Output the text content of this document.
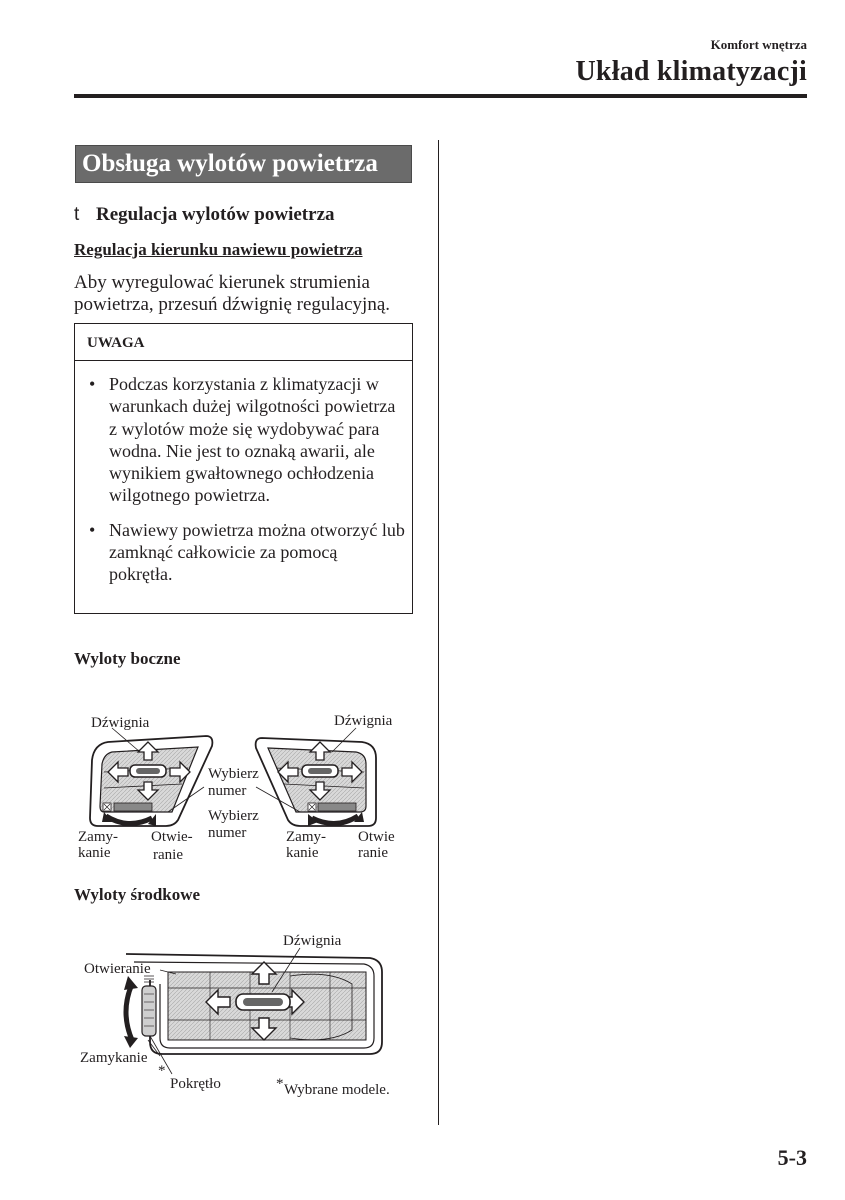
Komfort wnętrza
Układ klimatyzacji
Obsługa wylotów powietrza
t Regulacja wylotów powietrza
Regulacja kierunku nawiewu powietrza
Aby wyregulować kierunek strumienia powietrza, przesuń dźwignię regulacyjną.
UWAGA
• Podczas korzystania z klimatyzacji w warunkach dużej wilgotności powietrza z wylotów może się wydobywać para wodna. Nie jest to oznaką awarii, ale wynikiem gwałtownego ochłodzenia wilgotnego powietrza.
• Nawiewy powietrza można otworzyć lub zamknąć całkowicie za pomocą pokrętła.
Wyloty boczne
Wyloty środkowe
Dźwignia	Dźwignia
Wybierz
numer
Wybierz
numer
Zamy-
kanie
Otwie-
ranie
Zamy-
kanie
Otwie
ranie
Dźwignia
Otwieranie
Zamykanie
*
Pokrętło	* Wybrane modele.
5-3
